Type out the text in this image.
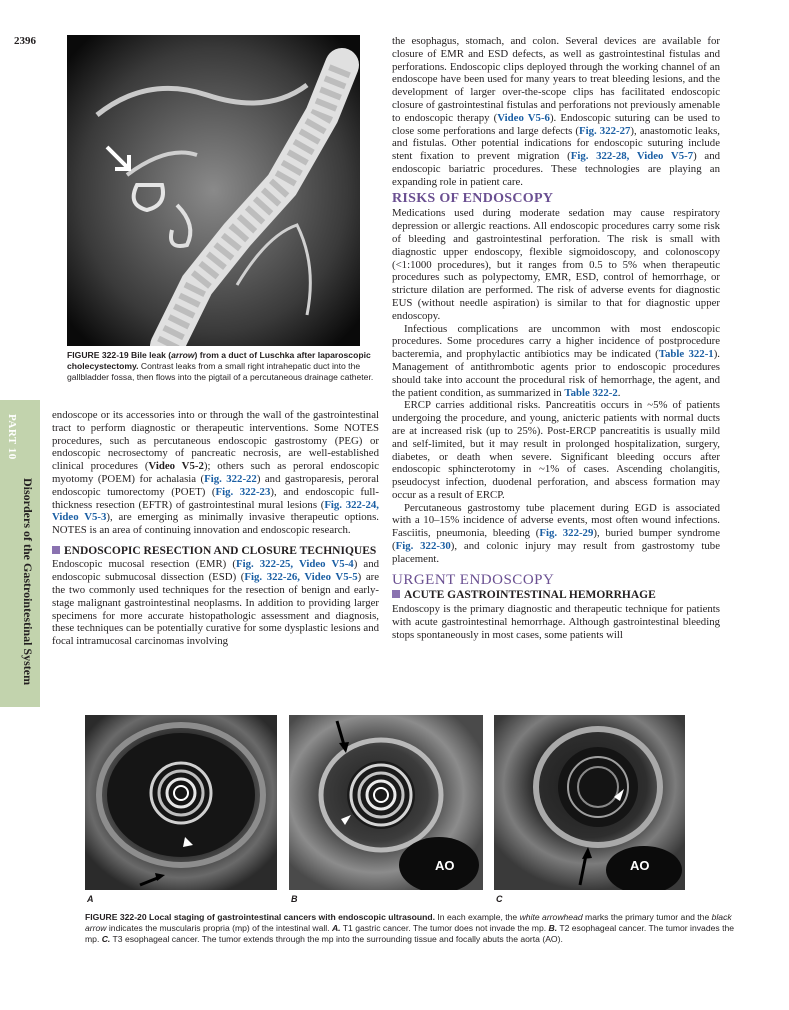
2396
PART 10
Disorders of the Gastrointestinal System
FIGURE 322-19 Bile leak (arrow) from a duct of Luschka after laparoscopic cholecystectomy. Contrast leaks from a small right intrahepatic duct into the gallbladder fossa, then flows into the pigtail of a percutaneous drainage catheter.

endoscope or its accessories into or through the wall of the gastrointestinal tract to perform diagnostic or therapeutic interventions. Some NOTES procedures, such as percutaneous endoscopic gastrostomy (PEG) or endoscopic necrosectomy of pancreatic necrosis, are well-established clinical procedures (Video V5-2); others such as peroral endoscopic myotomy (POEM) for achalasia (Fig. 322-22) and gastroparesis, peroral endoscopic tumorectomy (POET) (Fig. 322-23), and endoscopic full-thickness resection (EFTR) of gastrointestinal mural lesions (Fig. 322-24, Video V5-3), are emerging as minimally invasive therapeutic options. NOTES is an area of continuing innovation and endoscopic research.

ENDOSCOPIC RESECTION AND CLOSURE TECHNIQUES

Endoscopic mucosal resection (EMR) (Fig. 322-25, Video V5-4) and endoscopic submucosal dissection (ESD) (Fig. 322-26, Video V5-5) are the two commonly used techniques for the resection of benign and early-stage malignant gastrointestinal neoplasms. In addition to providing larger specimens for more accurate histopathologic assessment and diagnosis, these techniques can be potentially curative for some dysplastic lesions and focal intramucosal carcinomas involving

the esophagus, stomach, and colon. Several devices are available for closure of EMR and ESD defects, as well as gastrointestinal fistulas and perforations. Endoscopic clips deployed through the working channel of an endoscope have been used for many years to treat bleeding lesions, and the development of larger over-the-scope clips has facilitated endoscopic closure of gastrointestinal fistulas and perforations not previously amenable to endoscopic therapy (Video V5-6). Endoscopic suturing can be used to close some perforations and large defects (Fig. 322-27), anastomotic leaks, and fistulas. Other potential indications for endoscopic suturing include stent fixation to prevent migration (Fig. 322-28, Video V5-7) and endoscopic bariatric procedures. These technologies are playing an expanding role in patient care.

RISKS OF ENDOSCOPY

Medications used during moderate sedation may cause respiratory depression or allergic reactions. All endoscopic procedures carry some risk of bleeding and gastrointestinal perforation. The risk is small with diagnostic upper endoscopy, flexible sigmoidoscopy, and colonoscopy (<1:1000 procedures), but it ranges from 0.5 to 5% when therapeutic procedures such as polypectomy, EMR, ESD, control of hemorrhage, or stricture dilation are performed. The risk of adverse events for diagnostic EUS (without needle aspiration) is similar to that for diagnostic upper endoscopy.

Infectious complications are uncommon with most endoscopic procedures. Some procedures carry a higher incidence of postprocedure bacteremia, and prophylactic antibiotics may be indicated (Table 322-1). Management of antithrombotic agents prior to endoscopic procedures should take into account the procedural risk of hemorrhage, the agent, and the patient condition, as summarized in Table 322-2.

ERCP carries additional risks. Pancreatitis occurs in ~5% of patients undergoing the procedure, and young, anicteric patients with normal ducts are at increased risk (up to 25%). Post-ERCP pancreatitis is usually mild and self-limited, but it may result in prolonged hospitalization, surgery, diabetes, or death when severe. Significant bleeding occurs after endoscopic sphincterotomy in ~1% of cases. Ascending cholangitis, pseudocyst infection, duodenal perforation, and abscess formation may occur as a result of ERCP.

Percutaneous gastrostomy tube placement during EGD is associated with a 10–15% incidence of adverse events, most often wound infections. Fasciitis, pneumonia, bleeding (Fig. 322-29), buried bumper syndrome (Fig. 322-30), and colonic injury may result from gastrostomy tube placement.

URGENT ENDOSCOPY
ACUTE GASTROINTESTINAL HEMORRHAGE

Endoscopy is the primary diagnostic and therapeutic technique for patients with acute gastrointestinal hemorrhage. Although gastrointestinal bleeding stops spontaneously in most cases, some patients will

AO	AO
A	B	C
FIGURE 322-20 Local staging of gastrointestinal cancers with endoscopic ultrasound. In each example, the white arrowhead marks the primary tumor and the black arrow indicates the muscularis propria (mp) of the intestinal wall. A. T1 gastric cancer. The tumor does not invade the mp. B. T2 esophageal cancer. The tumor invades the mp. C. T3 esophageal cancer. The tumor extends through the mp into the surrounding tissue and focally abuts the aorta (AO).
